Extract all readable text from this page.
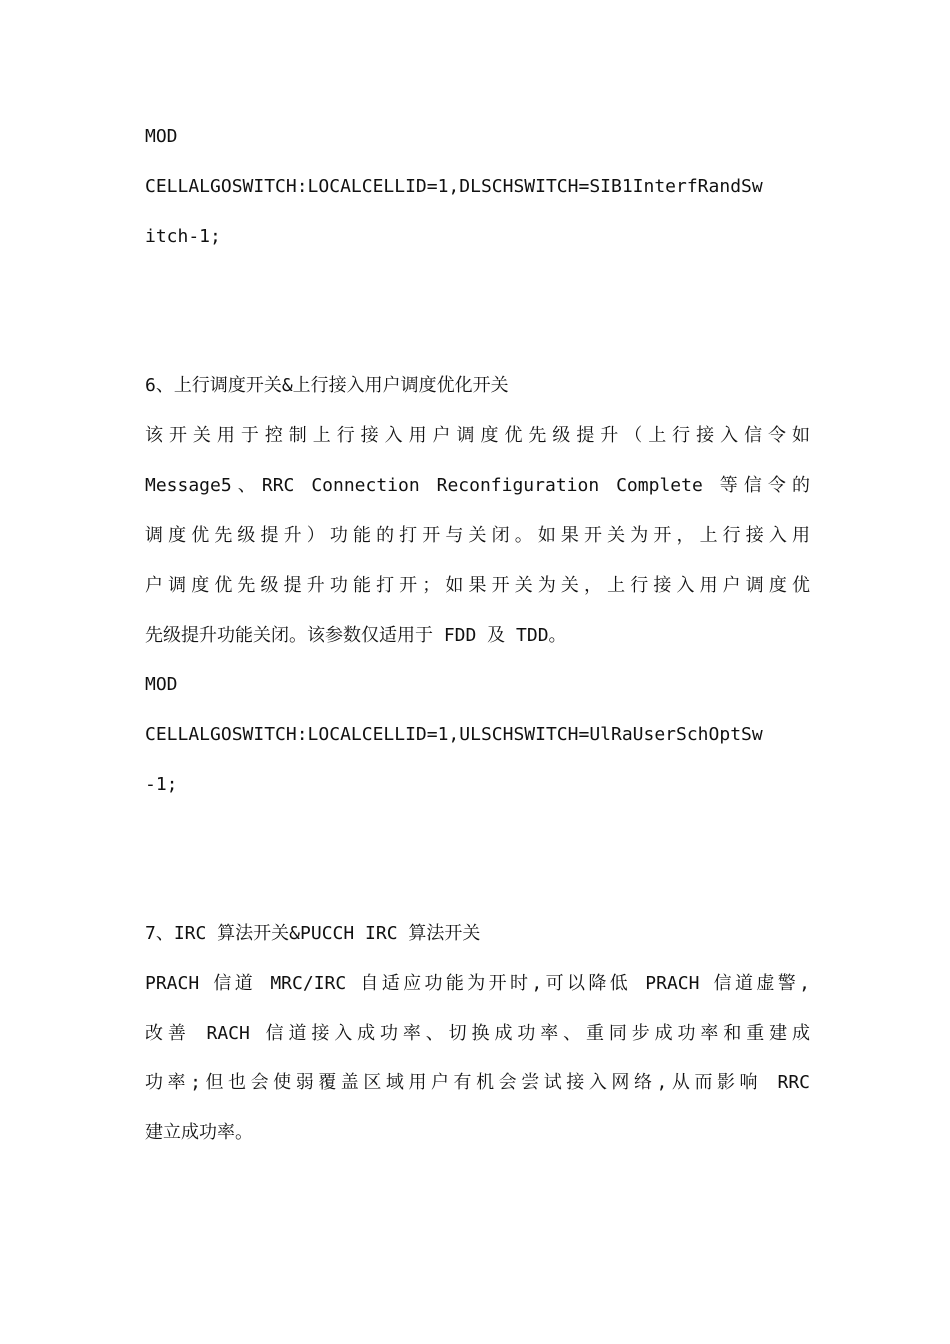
MOD
CELLALGOSWITCH:LOCALCELLID=1,DLSCHSWITCH=SIB1InterfRandSw
itch-1;
6、上行调度开关&上行接入用户调度优化开关
该开关用于控制上行接入用户调度优先级提升（上行接入信令如
Message5、RRC Connection Reconfiguration Complete 等信令的
调度优先级提升）功能的打开与关闭。如果开关为开，上行接入用
户调度优先级提升功能打开；如果开关为关，上行接入用户调度优
先级提升功能关闭。该参数仅适用于 FDD 及 TDD。
MOD
CELLALGOSWITCH:LOCALCELLID=1,ULSCHSWITCH=UlRaUserSchOptSw
-1;
7、IRC 算法开关&PUCCH IRC 算法开关
PRACH 信道 MRC/IRC 自适应功能为开时,可以降低 PRACH 信道虚警,
改善 RACH 信道接入成功率、切换成功率、重同步成功率和重建成
功率;但也会使弱覆盖区域用户有机会尝试接入网络,从而影响 RRC
建立成功率。
